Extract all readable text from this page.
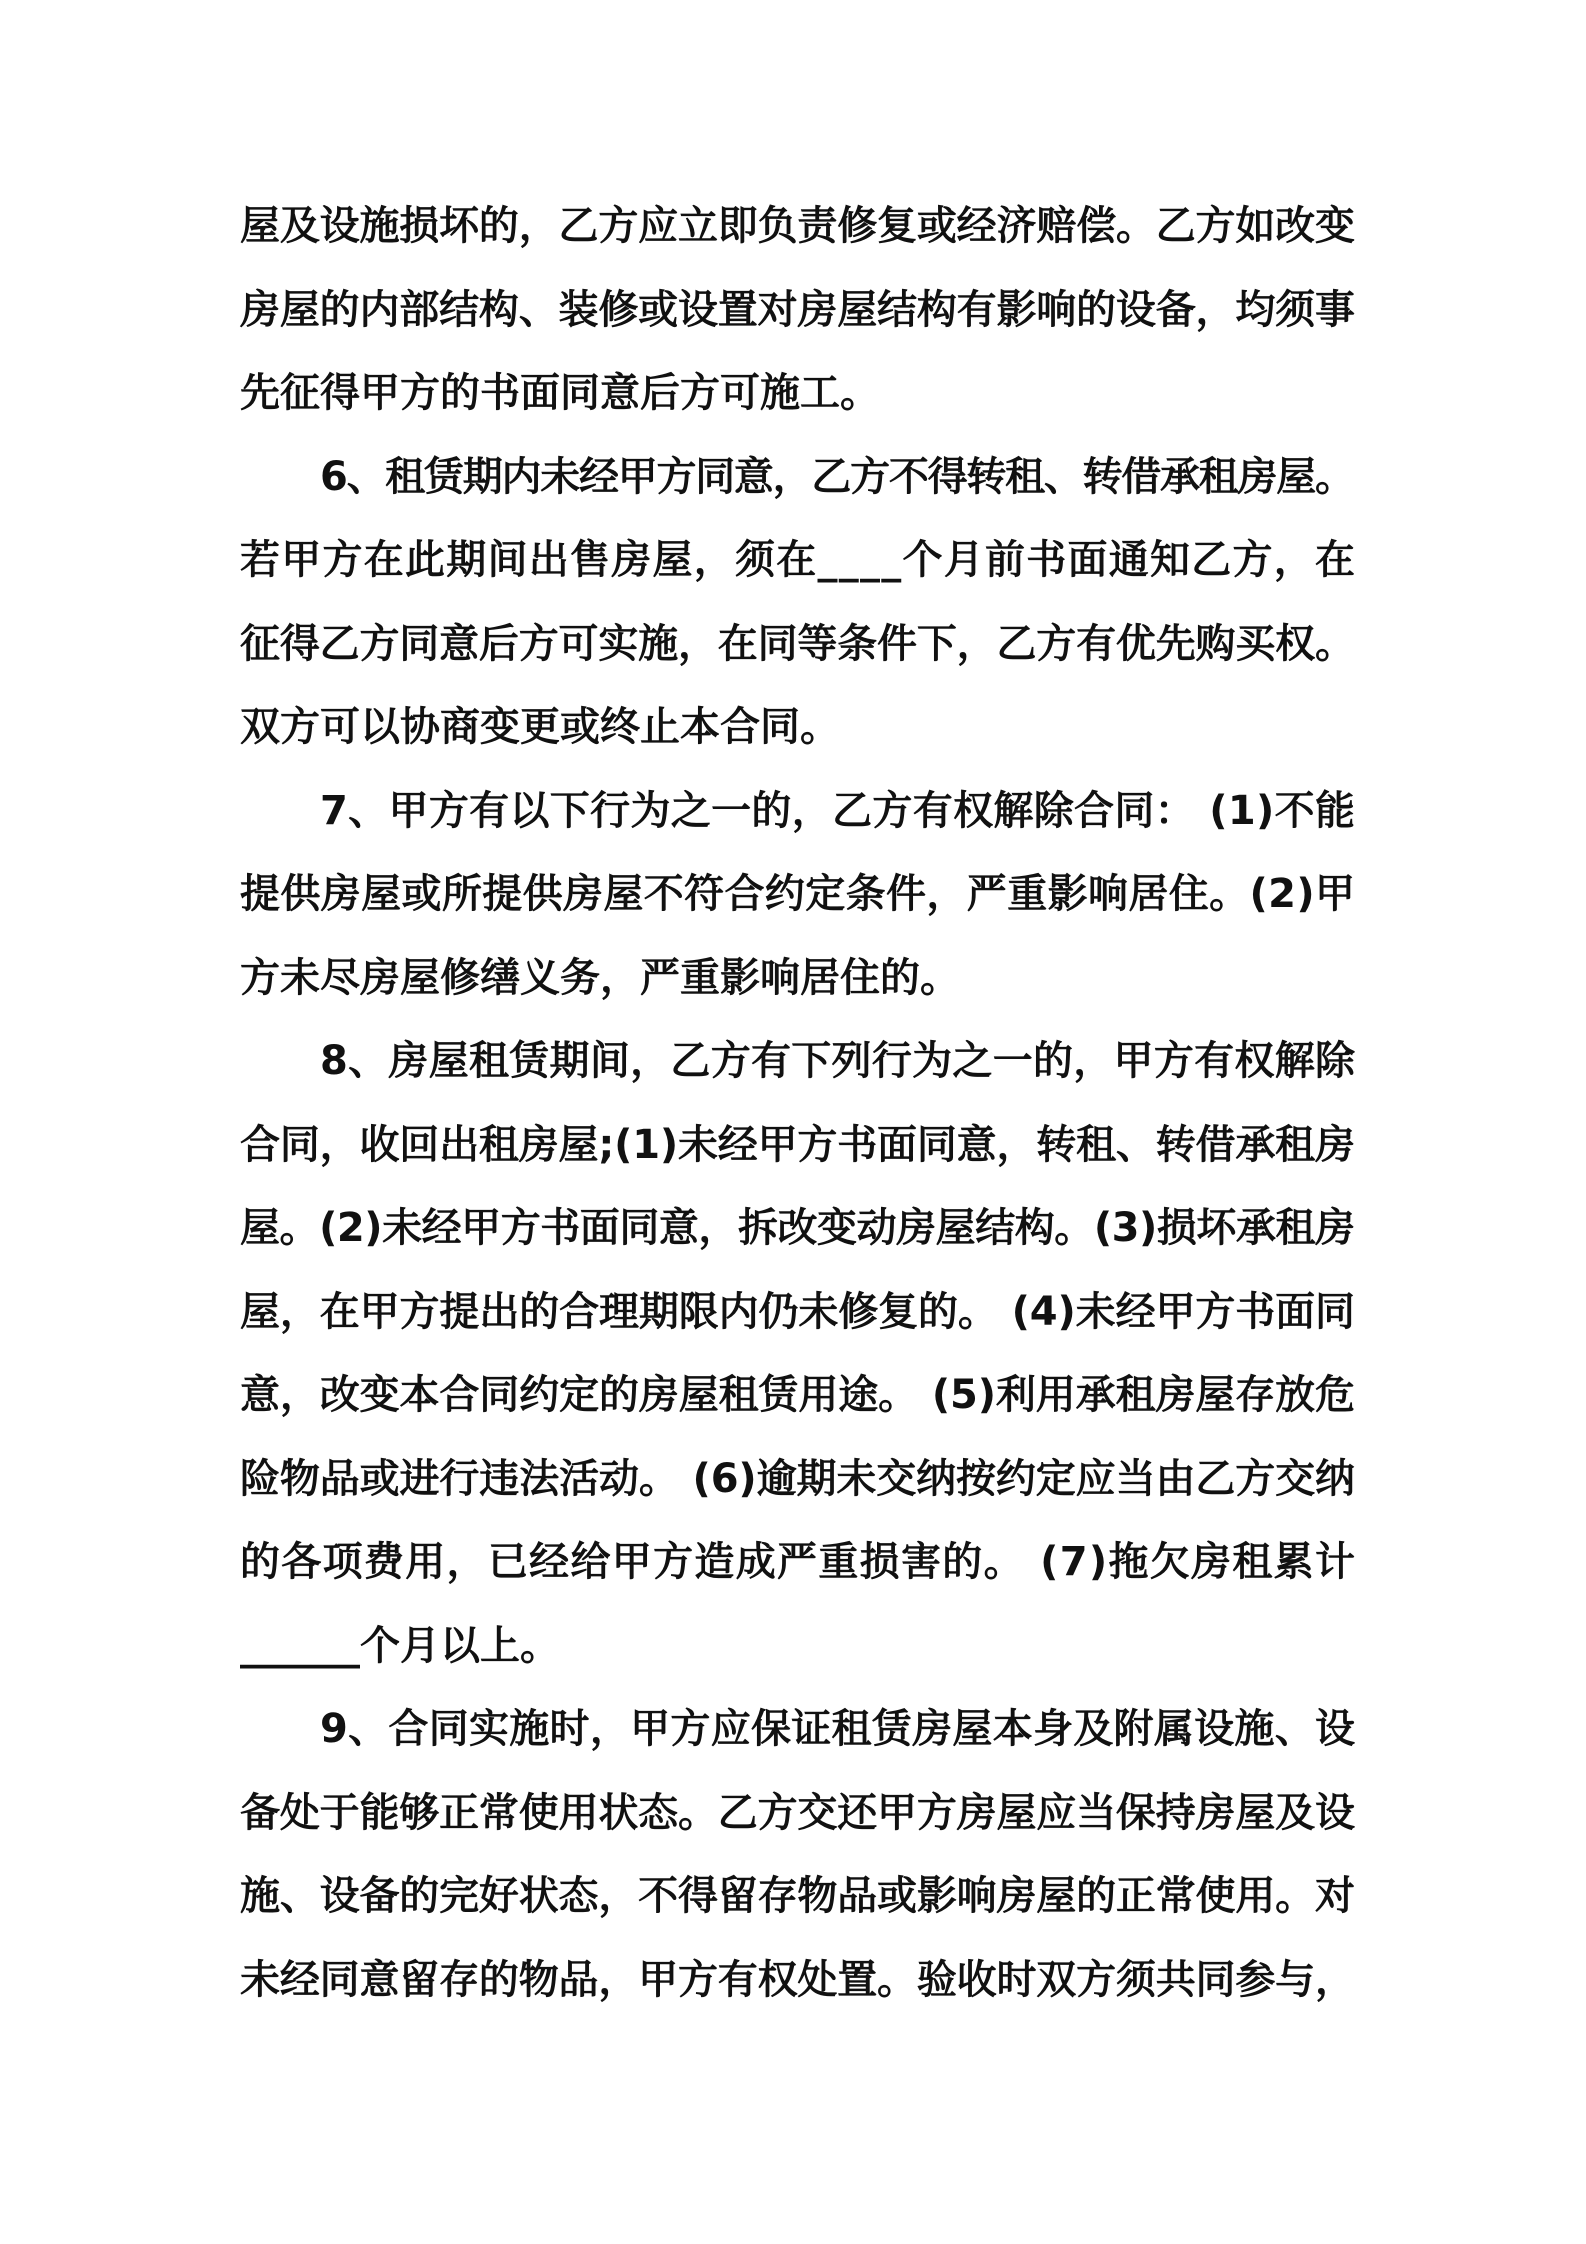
屋及设施损坏的，乙方应立即负责修复或经济赔偿。乙方如改变
房屋的内部结构、装修或设置对房屋结构有影响的设备，均须事
先征得甲方的书面同意后方可施工。
6、租赁期内未经甲方同意，乙方不得转租、转借承租房屋。
若甲方在此期间出售房屋，须在____个月前书面通知乙方，在
征得乙方同意后方可实施，在同等条件下，乙方有优先购买权。
双方可以协商变更或终止本合同。
7、甲方有以下行为之一的，乙方有权解除合同： (1)不能
提供房屋或所提供房屋不符合约定条件，严重影响居住。(2)甲
方未尽房屋修缮义务，严重影响居住的。
8、房屋租赁期间，乙方有下列行为之一的，甲方有权解除
合同，收回出租房屋;(1)未经甲方书面同意，转租、转借承租房
屋。(2)未经甲方书面同意，拆改变动房屋结构。(3)损坏承租房
屋，在甲方提出的合理期限内仍未修复的。 (4)未经甲方书面同
意，改变本合同约定的房屋租赁用途。 (5)利用承租房屋存放危
险物品或进行违法活动。 (6)逾期未交纳按约定应当由乙方交纳
的各项费用，已经给甲方造成严重损害的。 (7)拖欠房租累计
______个月以上。
9、合同实施时，甲方应保证租赁房屋本身及附属设施、设
备处于能够正常使用状态。乙方交还甲方房屋应当保持房屋及设
施、设备的完好状态，不得留存物品或影响房屋的正常使用。对
未经同意留存的物品，甲方有权处置。验收时双方须共同参与，
